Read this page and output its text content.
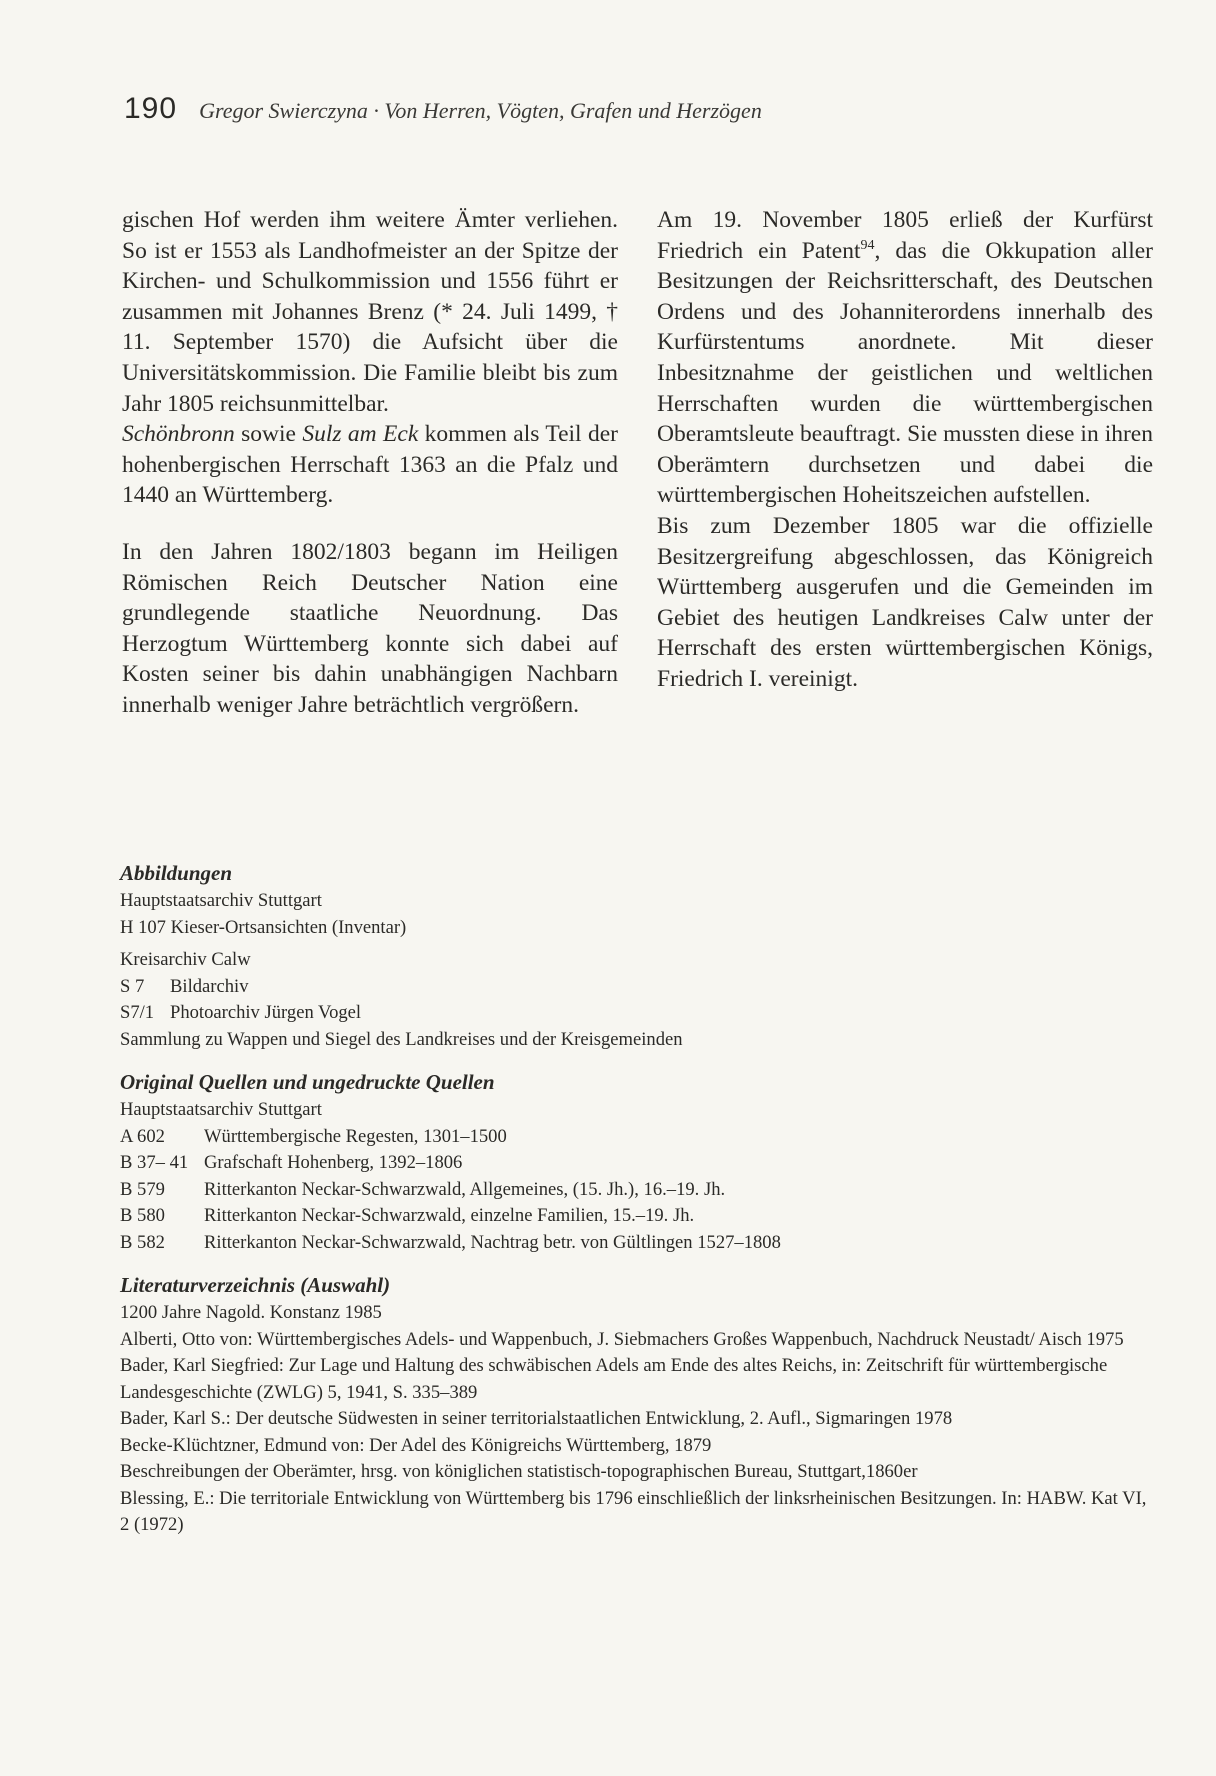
190 Gregor Swierczyna · Von Herren, Vögten, Grafen und Herzögen

gischen Hof werden ihm weitere Ämter verliehen. So ist er 1553 als Landhofmeister an der Spitze der Kirchen- und Schulkommission und 1556 führt er zusammen mit Johannes Brenz (* 24. Juli 1499, † 11. September 1570) die Aufsicht über die Universitätskommission. Die Familie bleibt bis zum Jahr 1805 reichsunmittelbar.

Schönbronn sowie Sulz am Eck kommen als Teil der hohenbergischen Herrschaft 1363 an die Pfalz und 1440 an Württemberg.

In den Jahren 1802/1803 begann im Heiligen Römischen Reich Deutscher Nation eine grundlegende staatliche Neuordnung. Das Herzogtum Württemberg konnte sich dabei auf Kosten seiner bis dahin unabhängigen Nachbarn innerhalb weniger Jahre beträchtlich vergrößern.

Am 19. November 1805 erließ der Kurfürst Friedrich ein Patent$^{94}$, das die Okkupation aller Besitzungen der Reichsritterschaft, des Deutschen Ordens und des Johanniterordens innerhalb des Kurfürstentums anordnete. Mit dieser Inbesitznahme der geistlichen und weltlichen Herrschaften wurden die württembergischen Oberamtsleute beauftragt. Sie mussten diese in ihren Oberämtern durchsetzen und dabei die württembergischen Hoheitszeichen aufstellen.

Bis zum Dezember 1805 war die offizielle Besitzergreifung abgeschlossen, das Königreich Württemberg ausgerufen und die Gemeinden im Gebiet des heutigen Landkreises Calw unter der Herrschaft des ersten württembergischen Königs, Friedrich I. vereinigt.

Abbildungen
Hauptstaatsarchiv Stuttgart
H 107 Kieser-Ortsansichten (Inventar)
Kreisarchiv Calw
S 7 Bildarchiv
S7/1 Photoarchiv Jürgen Vogel
Sammlung zu Wappen und Siegel des Landkreises und der Kreisgemeinden
Original Quellen und ungedruckte Quellen
Hauptstaatsarchiv Stuttgart
A 602 Württembergische Regesten, 1301–1500
B 37– 41 Grafschaft Hohenberg, 1392–1806
B 579 Ritterkanton Neckar-Schwarzwald, Allgemeines, (15. Jh.), 16.–19. Jh.
B 580 Ritterkanton Neckar-Schwarzwald, einzelne Familien, 15.–19. Jh.
B 582 Ritterkanton Neckar-Schwarzwald, Nachtrag betr. von Gültlingen 1527–1808
Literaturverzeichnis (Auswahl)
1200 Jahre Nagold. Konstanz 1985
Alberti, Otto von: Württembergisches Adels- und Wappenbuch, J. Siebmachers Großes Wappenbuch, Nachdruck Neustadt/ Aisch 1975
Bader, Karl Siegfried: Zur Lage und Haltung des schwäbischen Adels am Ende des altes Reichs, in: Zeitschrift für württembergische Landesgeschichte (ZWLG) 5, 1941, S. 335–389
Bader, Karl S.: Der deutsche Südwesten in seiner territorialstaatlichen Entwicklung, 2. Aufl., Sigmaringen 1978
Becke-Klüchtzner, Edmund von: Der Adel des Königreichs Württemberg, 1879
Beschreibungen der Oberämter, hrsg. von königlichen statistisch-topographischen Bureau, Stuttgart,1860er
Blessing, E.: Die territoriale Entwicklung von Württemberg bis 1796 einschließlich der linksrheinischen Besitzungen. In: HABW. Kat VI, 2 (1972)
